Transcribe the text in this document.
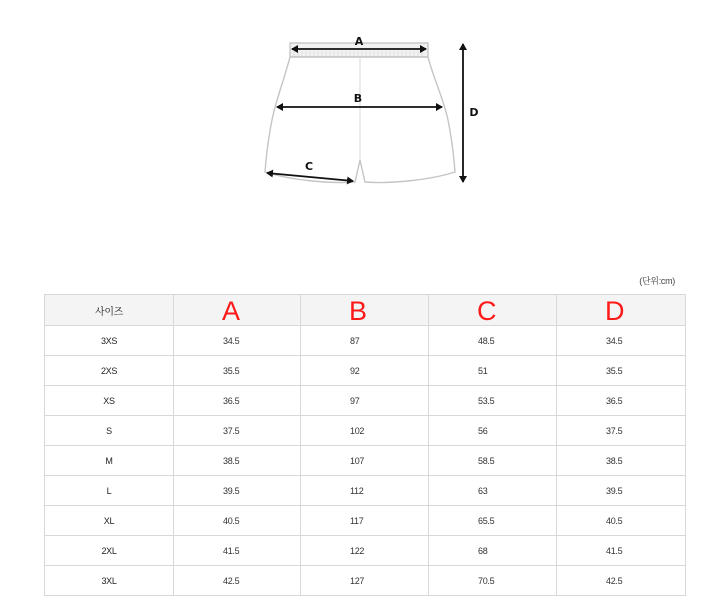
A
B
C
D
(단위:cm)
사이즈	A	B	C	D

3XS	34.5	87	48.5	34.5
2XS	35.5	92	51	35.5
XS	36.5	97	53.5	36.5
S	37.5	102	56	37.5
M	38.5	107	58.5	38.5
L	39.5	112	63	39.5
XL	40.5	117	65.5	40.5
2XL	41.5	122	68	41.5
3XL	42.5	127	70.5	42.5
